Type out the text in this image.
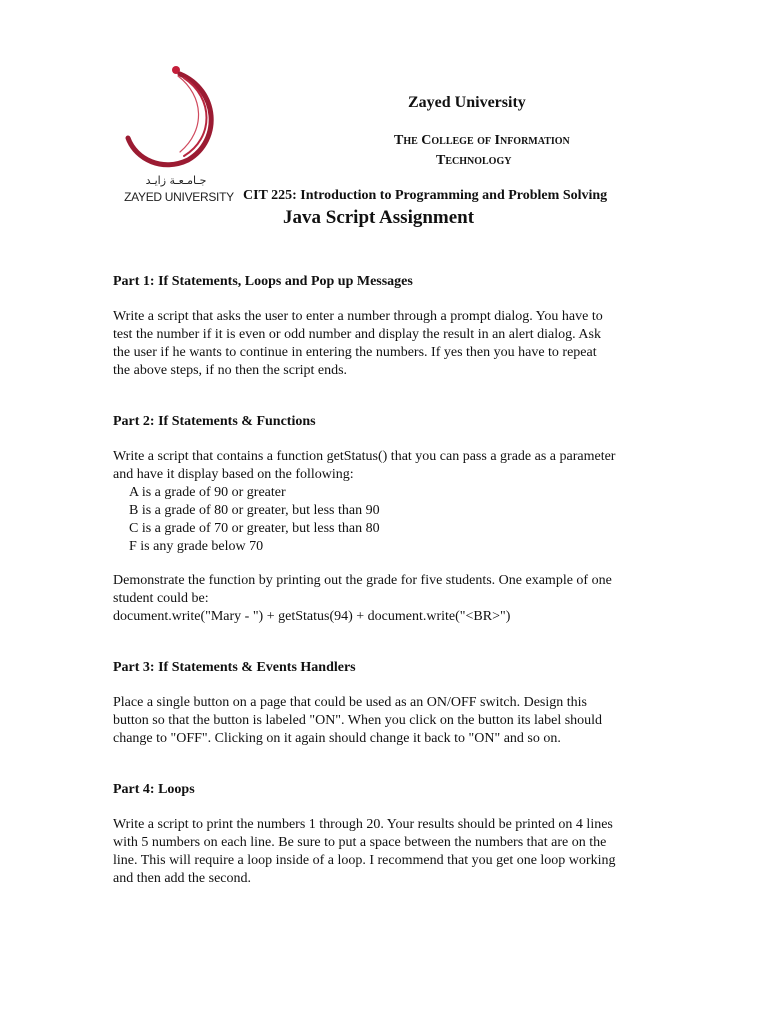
جـامـعـة زايـد
ZAYED UNIVERSITY
Zayed University
The College of Information
Technology
CIT 225: Introduction to Programming and Problem Solving
Java Script Assignment

Part 1: If Statements, Loops and Pop up Messages

Write a script that asks the user to enter a number through a prompt dialog. You have to
test the number if it is even or odd number and display the result in an alert dialog. Ask
the user if he wants to continue in entering the numbers. If yes then you have to repeat
the above steps, if no then the script ends.

Part 2: If Statements & Functions

Write a script that contains a function getStatus() that you can pass a grade as a parameter
and have it display based on the following:

A is a grade of 90 or greater
B is a grade of 80 or greater, but less than 90
C is a grade of 70 or greater, but less than 80
F is any grade below 70

Demonstrate the function by printing out the grade for five students. One example of one
student could be:
document.write("Mary - ") + getStatus(94) + document.write("<BR>")

Part 3: If Statements & Events Handlers

Place a single button on a page that could be used as an ON/OFF switch. Design this
button so that the button is labeled "ON". When you click on the button its label should
change to "OFF". Clicking on it again should change it back to "ON" and so on.

Part 4: Loops

Write a script to print the numbers 1 through 20. Your results should be printed on 4 lines
with 5 numbers on each line. Be sure to put a space between the numbers that are on the
line. This will require a loop inside of a loop. I recommend that you get one loop working
and then add the second.
